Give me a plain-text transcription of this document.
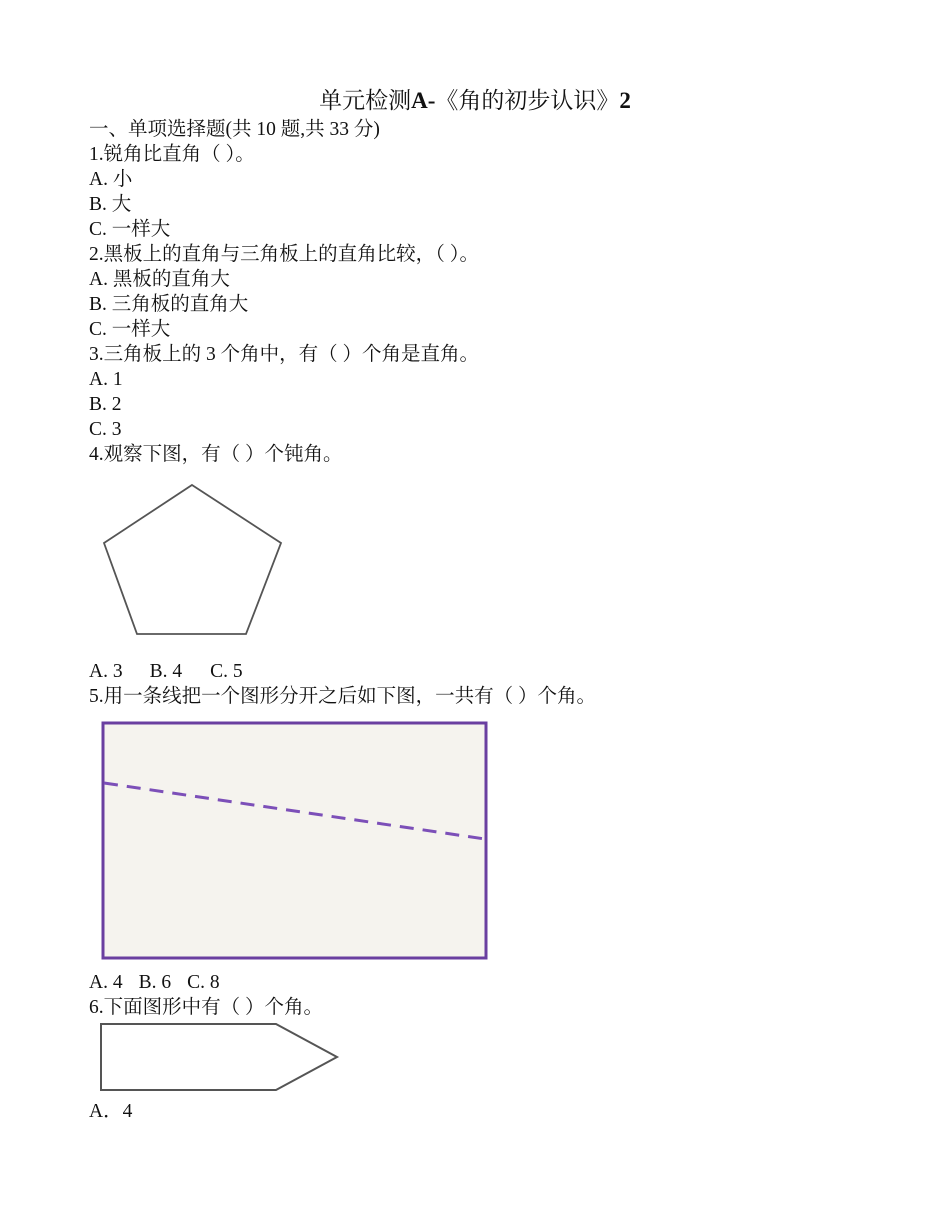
单元检测A-《角的初步认识》2
一、单项选择题(共 10 题,共 33 分)
1.锐角比直角（ ）。
A. 小
B. 大
C. 一样大
2.黑板上的直角与三角板上的直角比较，（ ）。
A. 黑板的直角大
B. 三角板的直角大
C. 一样大
3.三角板上的 3 个角中，有（ ）个角是直角。
A. 1
B. 2
C. 3
4.观察下图，有（ ）个钝角。
A. 3 B. 4 C. 5
5.用一条线把一个图形分开之后如下图，一共有（ ）个角。
A. 4 B. 6 C. 8
6.下面图形中有（ ）个角。
A．4
